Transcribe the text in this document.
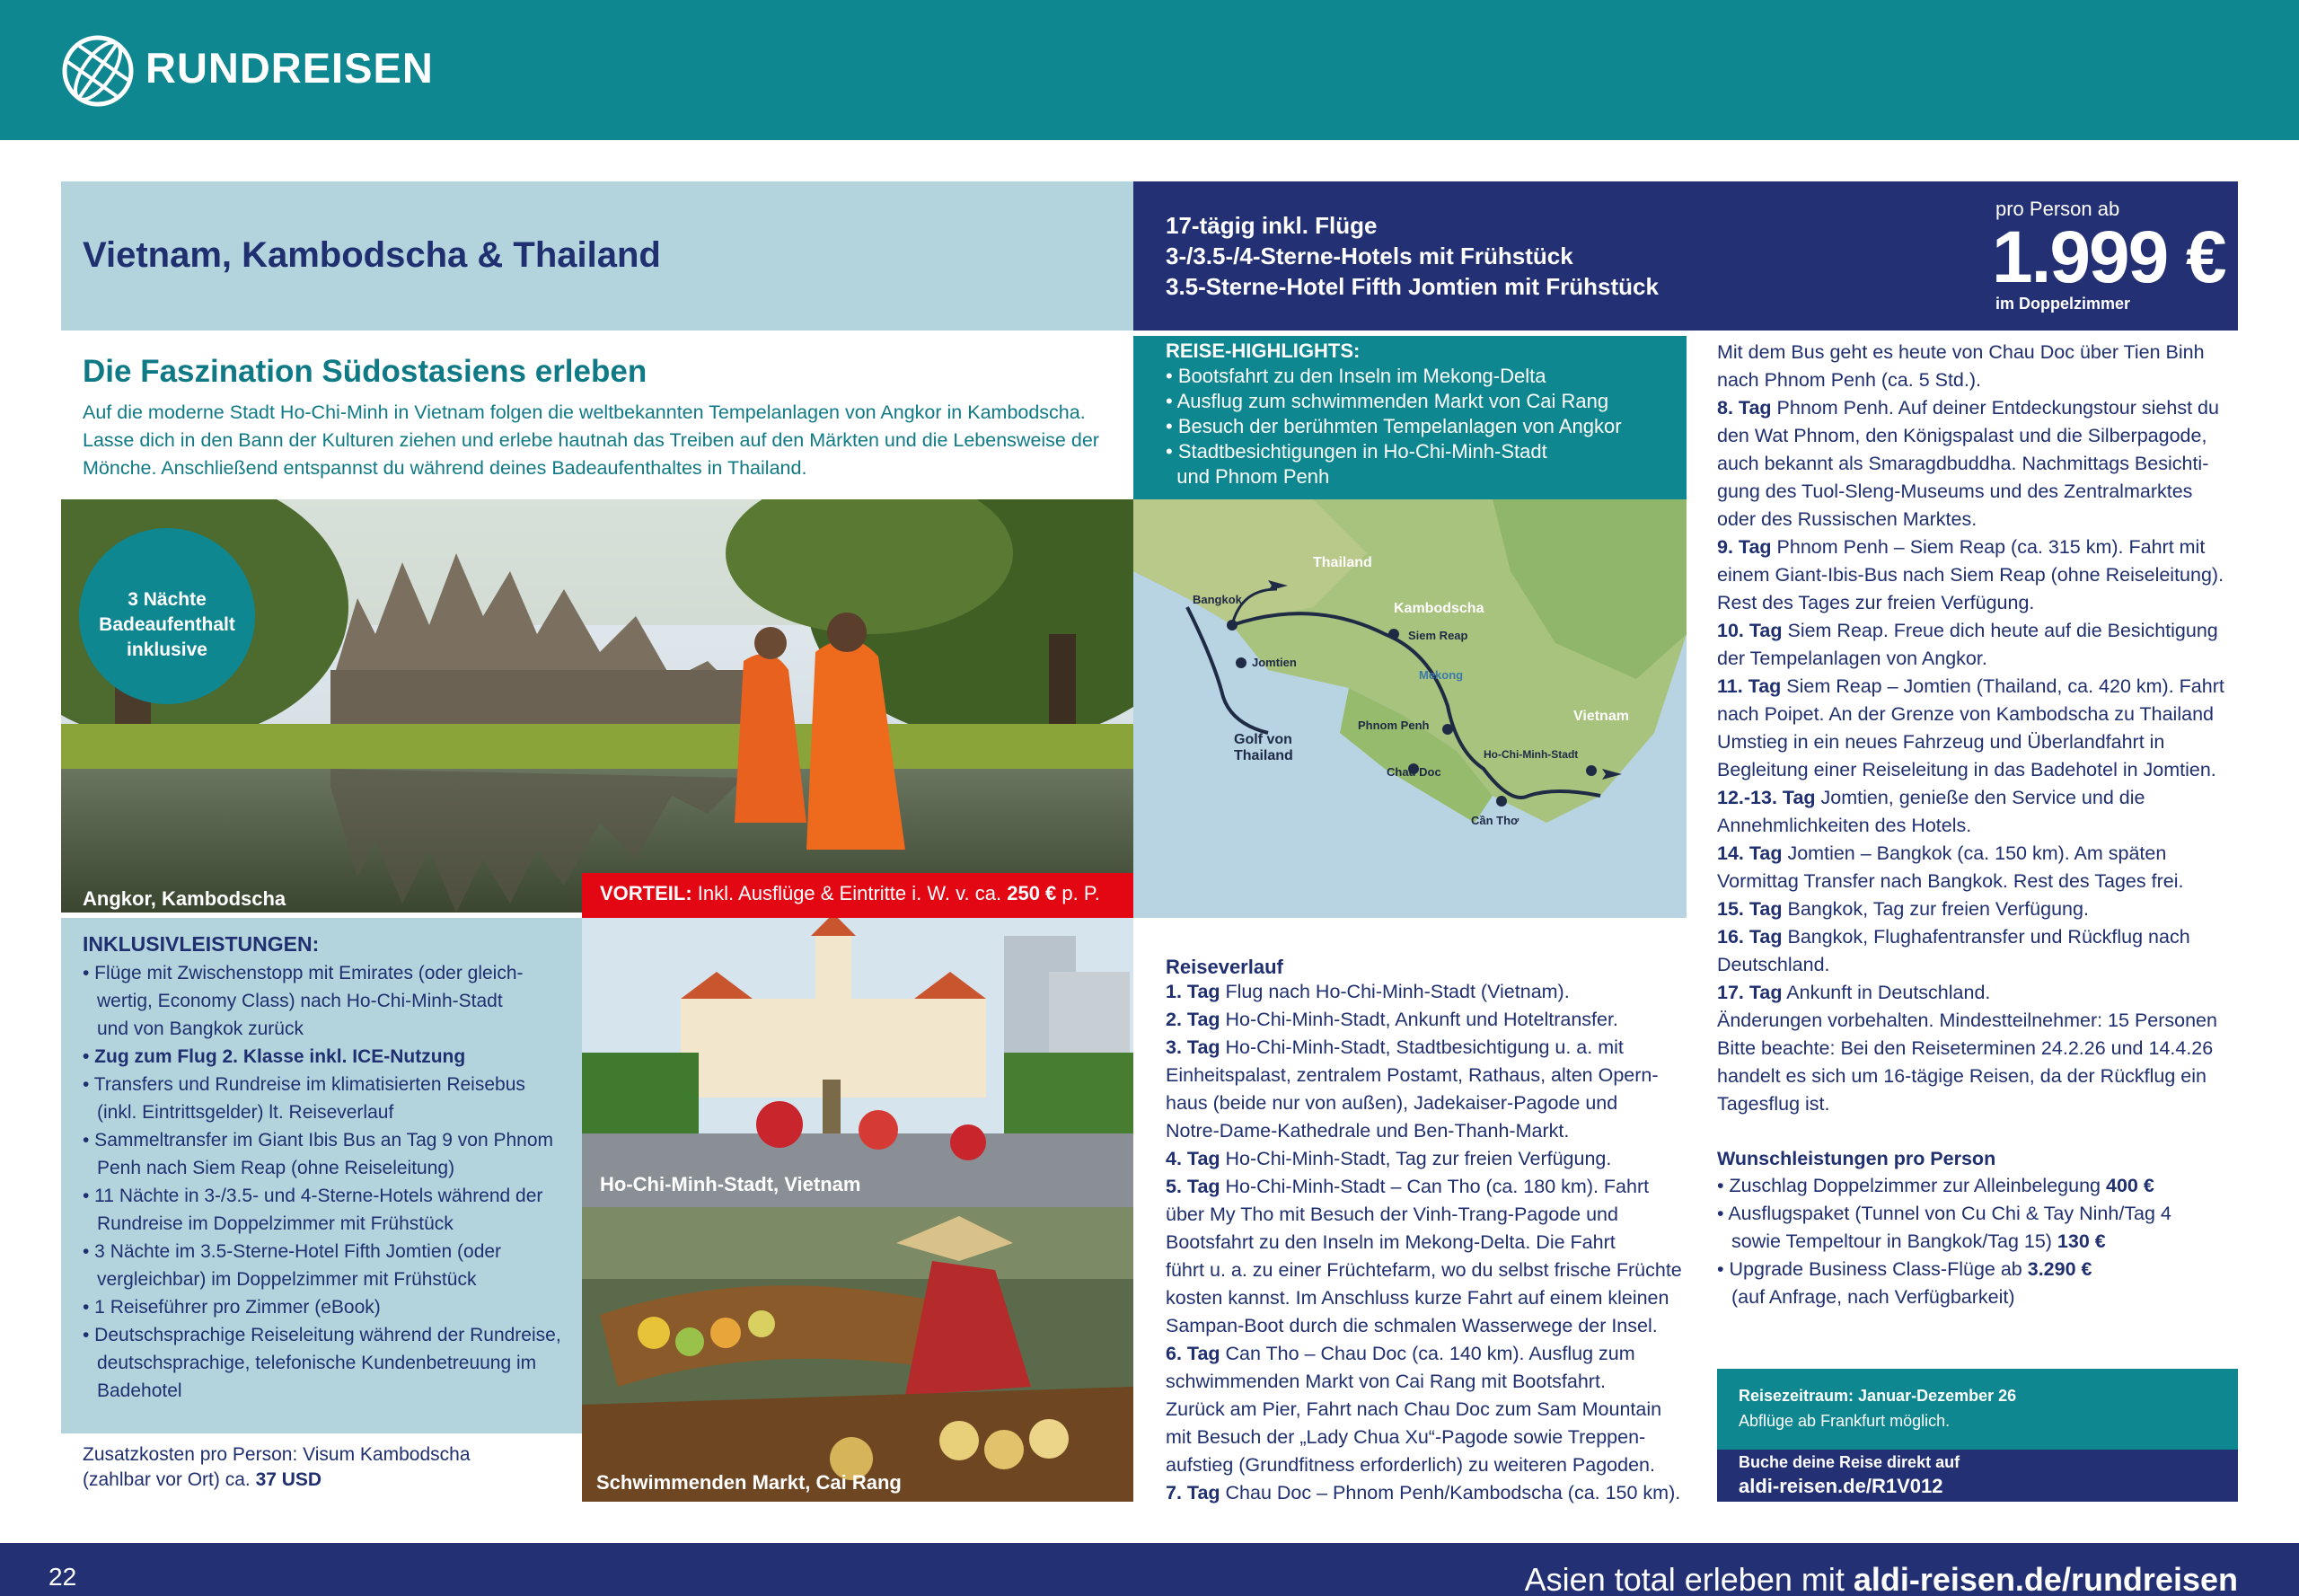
RUNDREISEN
Vietnam, Kambodscha & Thailand
17-tägig inkl. Flüge
3-/3.5-/4-Sterne-Hotels mit Frühstück
3.5-Sterne-Hotel Fifth Jomtien mit Frühstück
pro Person ab
1.999 €
im Doppelzimmer
Die Faszination Südostasiens erleben
Auf die moderne Stadt Ho-Chi-Minh in Vietnam folgen die weltbekannten Tempelanlagen von Angkor in Kambodscha.
Lasse dich in den Bann der Kulturen ziehen und erlebe hautnah das Treiben auf den Märkten und die Lebensweise der
Mönche. Anschließend entspannst du während deines Badeaufenthaltes in Thailand.
REISE-HIGHLIGHTS:
• Bootsfahrt zu den Inseln im Mekong-Delta
• Ausflug zum schwimmenden Markt von Cai Rang
• Besuch der berühmten Tempelanlagen von Angkor
• Stadtbesichtigungen in Ho-Chi-Minh-Stadt
und Phnom Penh
3 Nächte
Badeaufenthalt
inklusive
Angkor, Kambodscha	VORTEIL: Inkl. Ausflüge & Eintritte i. W. v. ca. 250 € p. P.
Thailand
Bangkok
Kambodscha
Siem Reap
Jomtien
Mekong
Golf von
Thailand
Phnom Penh
Vietnam
Ho-Chi-Minh-Stadt
Chau Doc
Cần Thơ
INKLUSIVLEISTUNGEN:
• Flüge mit Zwischenstopp mit Emirates (oder gleich-
wertig, Economy Class) nach Ho-Chi-Minh-Stadt
und von Bangkok zurück
• Zug zum Flug 2. Klasse inkl. ICE-Nutzung
• Transfers und Rundreise im klimatisierten Reisebus
(inkl. Eintrittsgelder) lt. Reiseverlauf
• Sammeltransfer im Giant Ibis Bus an Tag 9 von Phnom
Penh nach Siem Reap (ohne Reiseleitung)
• 11 Nächte in 3-/3.5- und 4-Sterne-Hotels während der
Rundreise im Doppelzimmer mit Frühstück
• 3 Nächte im 3.5-Sterne-Hotel Fifth Jomtien (oder
vergleichbar) im Doppelzimmer mit Frühstück
• 1 Reiseführer pro Zimmer (eBook)
• Deutschsprachige Reiseleitung während der Rundreise,
deutschsprachige, telefonische Kundenbetreuung im
Badehotel
Zusatzkosten pro Person: Visum Kambodscha
(zahlbar vor Ort) ca. 37 USD
Ho-Chi-Minh-Stadt, Vietnam
Schwimmenden Markt, Cai Rang
Reiseverlauf
1. Tag Flug nach Ho-Chi-Minh-Stadt (Vietnam).
2. Tag Ho-Chi-Minh-Stadt, Ankunft und Hoteltransfer.
3. Tag Ho-Chi-Minh-Stadt, Stadtbesichtigung u. a. mit
Einheitspalast, zentralem Postamt, Rathaus, alten Opern-
haus (beide nur von außen), Jadekaiser-Pagode und
Notre-Dame-Kathedrale und Ben-Thanh-Markt.
4. Tag Ho-Chi-Minh-Stadt, Tag zur freien Verfügung.
5. Tag Ho-Chi-Minh-Stadt – Can Tho (ca. 180 km). Fahrt
über My Tho mit Besuch der Vinh-Trang-Pagode und
Bootsfahrt zu den Inseln im Mekong-Delta. Die Fahrt
führt u. a. zu einer Früchtefarm, wo du selbst frische Früchte
kosten kannst. Im Anschluss kurze Fahrt auf einem kleinen
Sampan-Boot durch die schmalen Wasserwege der Insel.
6. Tag Can Tho – Chau Doc (ca. 140 km). Ausflug zum
schwimmenden Markt von Cai Rang mit Bootsfahrt.
Zurück am Pier, Fahrt nach Chau Doc zum Sam Mountain
mit Besuch der „Lady Chua Xu“-Pagode sowie Treppen-
aufstieg (Grundfitness erforderlich) zu weiteren Pagoden.
7. Tag Chau Doc – Phnom Penh/Kambodscha (ca. 150 km).
Mit dem Bus geht es heute von Chau Doc über Tien Binh
nach Phnom Penh (ca. 5 Std.).
8. Tag Phnom Penh. Auf deiner Entdeckungstour siehst du
den Wat Phnom, den Königspalast und die Silberpagode,
auch bekannt als Smaragdbuddha. Nachmittags Besichti-
gung des Tuol-Sleng-Museums und des Zentralmarktes
oder des Russischen Marktes.
9. Tag Phnom Penh – Siem Reap (ca. 315 km). Fahrt mit
einem Giant-Ibis-Bus nach Siem Reap (ohne Reiseleitung).
Rest des Tages zur freien Verfügung.
10. Tag Siem Reap. Freue dich heute auf die Besichtigung
der Tempelanlagen von Angkor.
11. Tag Siem Reap – Jomtien (Thailand, ca. 420 km). Fahrt
nach Poipet. An der Grenze von Kambodscha zu Thailand
Umstieg in ein neues Fahrzeug und Überlandfahrt in
Begleitung einer Reiseleitung in das Badehotel in Jomtien.
12.-13. Tag Jomtien, genieße den Service und die
Annehmlichkeiten des Hotels.
14. Tag Jomtien – Bangkok (ca. 150 km). Am späten
Vormittag Transfer nach Bangkok. Rest des Tages frei.
15. Tag Bangkok, Tag zur freien Verfügung.
16. Tag Bangkok, Flughafentransfer und Rückflug nach
Deutschland.
17. Tag Ankunft in Deutschland.
Änderungen vorbehalten. Mindestteilnehmer: 15 Personen
Bitte beachte: Bei den Reiseterminen 24.2.26 und 14.4.26
handelt es sich um 16-tägige Reisen, da der Rückflug ein
Tagesflug ist.
Wunschleistungen pro Person
• Zuschlag Doppelzimmer zur Alleinbelegung 400 €
• Ausflugspaket (Tunnel von Cu Chi & Tay Ninh/Tag 4
sowie Tempeltour in Bangkok/Tag 15) 130 €
• Upgrade Business Class-Flüge ab 3.290 €
(auf Anfrage, nach Verfügbarkeit)
Reisezeitraum: Januar-Dezember 26
Abflüge ab Frankfurt möglich.
Buche deine Reise direkt auf
aldi-reisen.de/R1V012
22	Asien total erleben mit aldi-reisen.de/rundreisen
